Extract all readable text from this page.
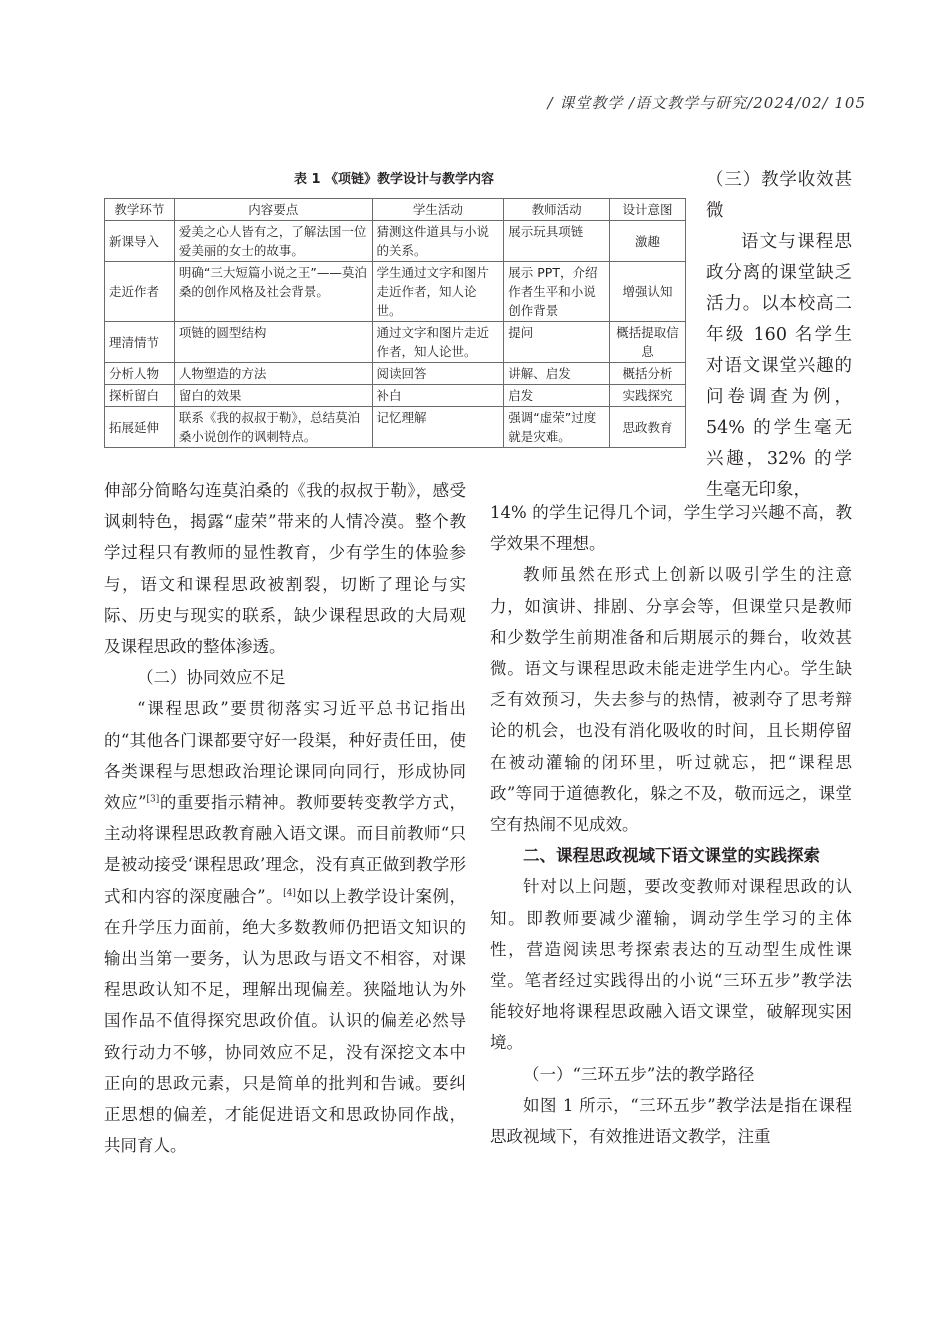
/ 课堂教学 /语文教学与研究/2024/02/ 105
表 1 《项链》教学设计与教学内容
教学环节	内容要点	学生活动	教师活动	设计意图
新课导入	爱美之心人皆有之，了解法国一位爱美丽的女士的故事。	猜测这件道具与小说的关系。	展示玩具项链	激趣
走近作者	明确“三大短篇小说之王”——莫泊桑的创作风格及社会背景。	学生通过文字和图片走近作者，知人论世。	展示 PPT，介绍作者生平和小说创作背景	增强认知
理清情节	项链的圆型结构	通过文字和图片走近作者，知人论世。	提问	概括提取信息
分析人物	人物塑造的方法	阅读回答	讲解、启发	概括分析
探析留白	留白的效果	补白	启发	实践探究
拓展延伸	联系《我的叔叔于勒》，总结莫泊桑小说创作的讽刺特点。	记忆理解	强调“虚荣”过度就是灾难。	思政教育

（三）教学收效甚微

语文与课程思政分离的课堂缺乏活力。以本校高二年级 160 名学生对语文课堂兴趣的问卷调查为例，54% 的学生毫无兴趣，32% 的学生毫无印象，

伸部分简略勾连莫泊桑的《我的叔叔于勒》，感受讽刺特色，揭露“虚荣”带来的人情冷漠。整个教学过程只有教师的显性教育，少有学生的体验参与，语文和课程思政被割裂，切断了理论与实际、历史与现实的联系，缺少课程思政的大局观及课程思政的整体渗透。

（二）协同效应不足

“课程思政”要贯彻落实习近平总书记指出的“其他各门课都要守好一段渠，种好责任田，使各类课程与思想政治理论课同向同行，形成协同效应”[3]的重要指示精神。教师要转变教学方式，主动将课程思政教育融入语文课。而目前教师“只是被动接受‘课程思政’理念，没有真正做到教学形式和内容的深度融合”。[4]如以上教学设计案例，在升学压力面前，绝大多数教师仍把语文知识的输出当第一要务，认为思政与语文不相容，对课程思政认知不足，理解出现偏差。狭隘地认为外国作品不值得探究思政价值。认识的偏差必然导致行动力不够，协同效应不足，没有深挖文本中正向的思政元素，只是简单的批判和告诫。要纠正思想的偏差，才能促进语文和思政协同作战，共同育人。

14% 的学生记得几个词，学生学习兴趣不高，教学效果不理想。

教师虽然在形式上创新以吸引学生的注意力，如演讲、排剧、分享会等，但课堂只是教师和少数学生前期准备和后期展示的舞台，收效甚微。语文与课程思政未能走进学生内心。学生缺乏有效预习，失去参与的热情，被剥夺了思考辩论的机会，也没有消化吸收的时间，且长期停留在被动灌输的闭环里，听过就忘，把“课程思政”等同于道德教化，躲之不及，敬而远之，课堂空有热闹不见成效。

二、课程思政视域下语文课堂的实践探索

针对以上问题，要改变教师对课程思政的认知。即教师要减少灌输，调动学生学习的主体性，营造阅读思考探索表达的互动型生成性课堂。笔者经过实践得出的小说“三环五步”教学法能较好地将课程思政融入语文课堂，破解现实困境。

（一）“三环五步”法的教学路径

如图 1 所示，“三环五步”教学法是指在课程思政视域下，有效推进语文教学，注重
